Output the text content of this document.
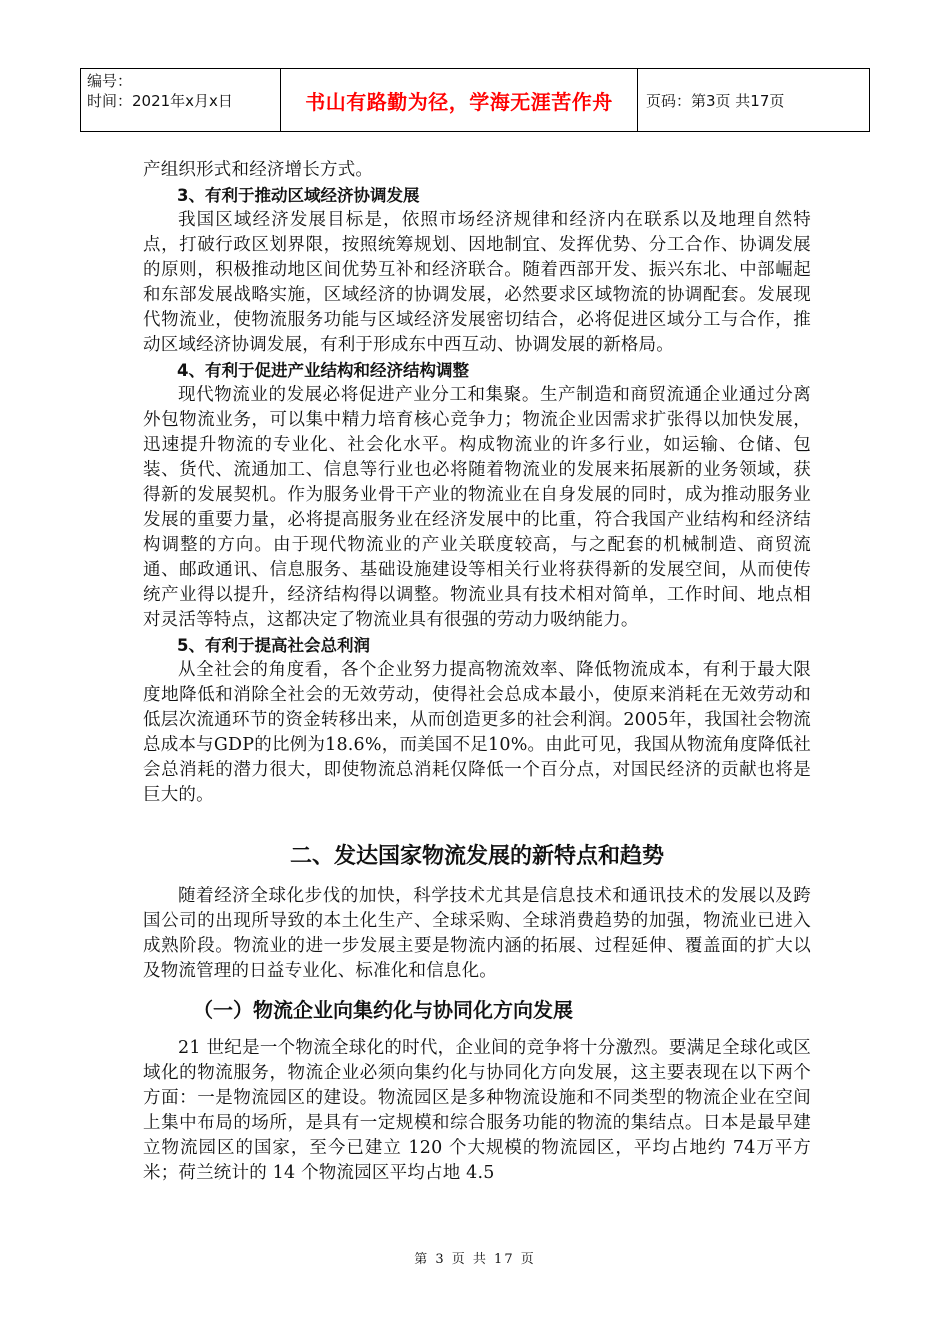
编号：
时间：2021年x月x日	书山有路勤为径，学海无涯苦作舟	页码：第3页 共17页

产组织形式和经济增长方式。

3、有利于推动区域经济协调发展

我国区域经济发展目标是，依照市场经济规律和经济内在联系以及地理自然特点，打破行政区划界限，按照统筹规划、因地制宜、发挥优势、分工合作、协调发展的原则，积极推动地区间优势互补和经济联合。随着西部开发、振兴东北、中部崛起和东部发展战略实施，区域经济的协调发展，必然要求区域物流的协调配套。发展现代物流业，使物流服务功能与区域经济发展密切结合，必将促进区域分工与合作，推动区域经济协调发展，有利于形成东中西互动、协调发展的新格局。

4、有利于促进产业结构和经济结构调整

现代物流业的发展必将促进产业分工和集聚。生产制造和商贸流通企业通过分离外包物流业务，可以集中精力培育核心竞争力；物流企业因需求扩张得以加快发展，迅速提升物流的专业化、社会化水平。构成物流业的许多行业，如运输、仓储、包装、货代、流通加工、信息等行业也必将随着物流业的发展来拓展新的业务领域，获得新的发展契机。作为服务业骨干产业的物流业在自身发展的同时，成为推动服务业发展的重要力量，必将提高服务业在经济发展中的比重，符合我国产业结构和经济结构调整的方向。由于现代物流业的产业关联度较高，与之配套的机械制造、商贸流通、邮政通讯、信息服务、基础设施建设等相关行业将获得新的发展空间，从而使传统产业得以提升，经济结构得以调整。物流业具有技术相对简单，工作时间、地点相对灵活等特点，这都决定了物流业具有很强的劳动力吸纳能力。

5、有利于提高社会总利润

从全社会的角度看，各个企业努力提高物流效率、降低物流成本，有利于最大限度地降低和消除全社会的无效劳动，使得社会总成本最小，使原来消耗在无效劳动和低层次流通环节的资金转移出来，从而创造更多的社会利润。2005年，我国社会物流总成本与GDP的比例为18.6%，而美国不足10%。由此可见，我国从物流角度降低社会总消耗的潜力很大，即使物流总消耗仅降低一个百分点，对国民经济的贡献也将是巨大的。

二、发达国家物流发展的新特点和趋势

随着经济全球化步伐的加快，科学技术尤其是信息技术和通讯技术的发展以及跨国公司的出现所导致的本土化生产、全球采购、全球消费趋势的加强，物流业已进入成熟阶段。物流业的进一步发展主要是物流内涵的拓展、过程延伸、覆盖面的扩大以及物流管理的日益专业化、标准化和信息化。

（一）物流企业向集约化与协同化方向发展

21 世纪是一个物流全球化的时代，企业间的竞争将十分激烈。要满足全球化或区域化的物流服务，物流企业必须向集约化与协同化方向发展，这主要表现在以下两个方面：一是物流园区的建设。物流园区是多种物流设施和不同类型的物流企业在空间上集中布局的场所，是具有一定规模和综合服务功能的物流的集结点。日本是最早建立物流园区的国家，至今已建立 120 个大规模的物流园区，平均占地约 74万平方米；荷兰统计的 14 个物流园区平均占地 4.5

第 3 页 共 17 页
